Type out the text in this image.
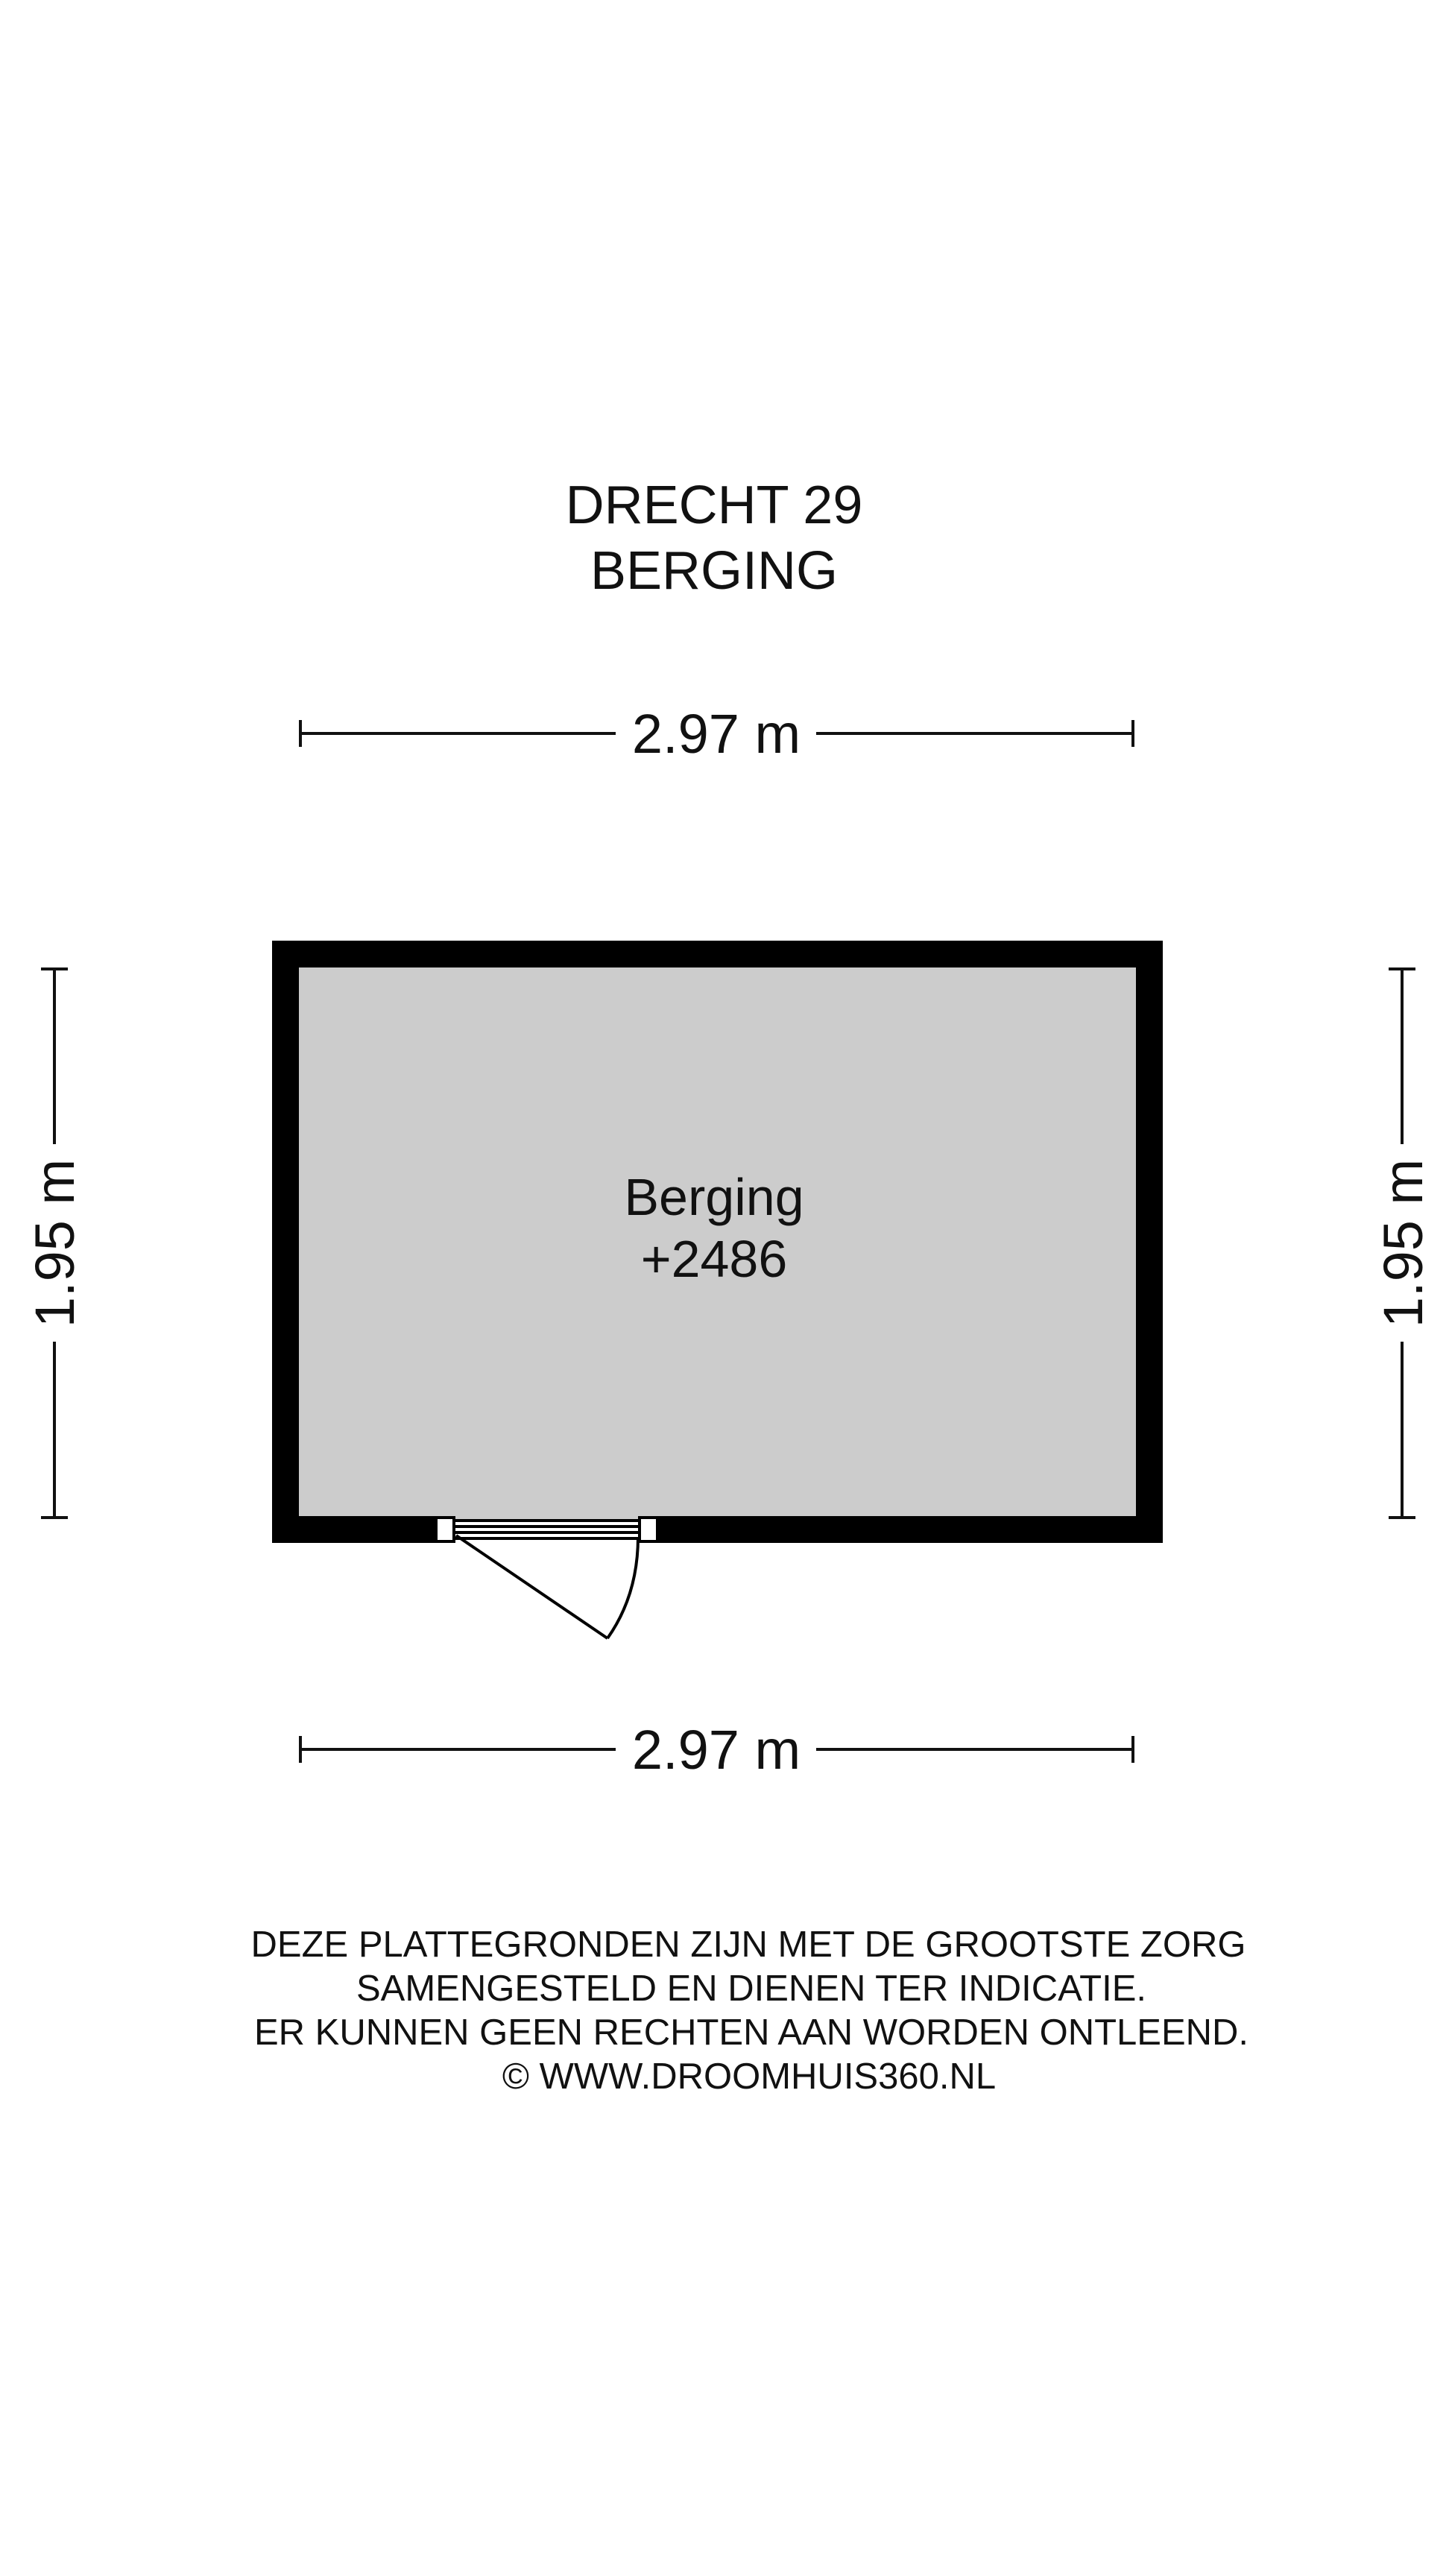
DRECHT 29
BERGING
2.97 m
Berging
+2486
1.95 m	1.95 m
2.97 m
DEZE PLATTEGRONDEN ZIJN MET DE GROOTSTE ZORG
SAMENGESTELD EN DIENEN TER INDICATIE.
ER KUNNEN GEEN RECHTEN AAN WORDEN ONTLEEND.
© WWW.DROOMHUIS360.NL
